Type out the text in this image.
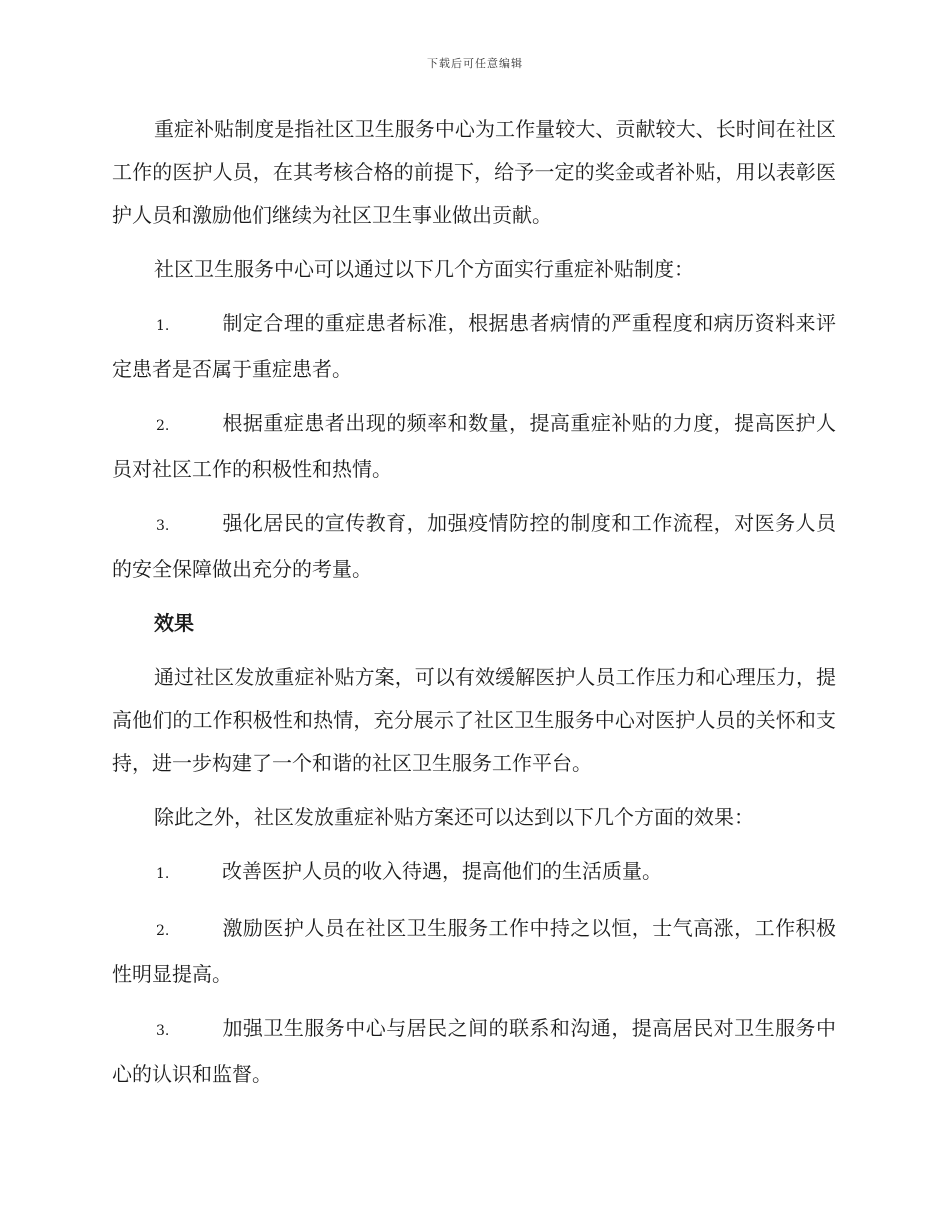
下载后可任意编辑

重症补贴制度是指社区卫生服务中心为工作量较大、贡献较大、长时间在社区工作的医护人员，在其考核合格的前提下，给予一定的奖金或者补贴，用以表彰医护人员和激励他们继续为社区卫生事业做出贡献。

社区卫生服务中心可以通过以下几个方面实行重症补贴制度：

1.	制定合理的重症患者标准，根据患者病情的严重程度和病历资料来评定患者是否属于重症患者。

2.	根据重症患者出现的频率和数量，提高重症补贴的力度，提高医护人员对社区工作的积极性和热情。

3.	强化居民的宣传教育，加强疫情防控的制度和工作流程，对医务人员的安全保障做出充分的考量。

效果

通过社区发放重症补贴方案，可以有效缓解医护人员工作压力和心理压力，提高他们的工作积极性和热情，充分展示了社区卫生服务中心对医护人员的关怀和支持，进一步构建了一个和谐的社区卫生服务工作平台。

除此之外，社区发放重症补贴方案还可以达到以下几个方面的效果：

1.	改善医护人员的收入待遇，提高他们的生活质量。

2.	激励医护人员在社区卫生服务工作中持之以恒，士气高涨，工作积极性明显提高。

3.	加强卫生服务中心与居民之间的联系和沟通，提高居民对卫生服务中心的认识和监督。
